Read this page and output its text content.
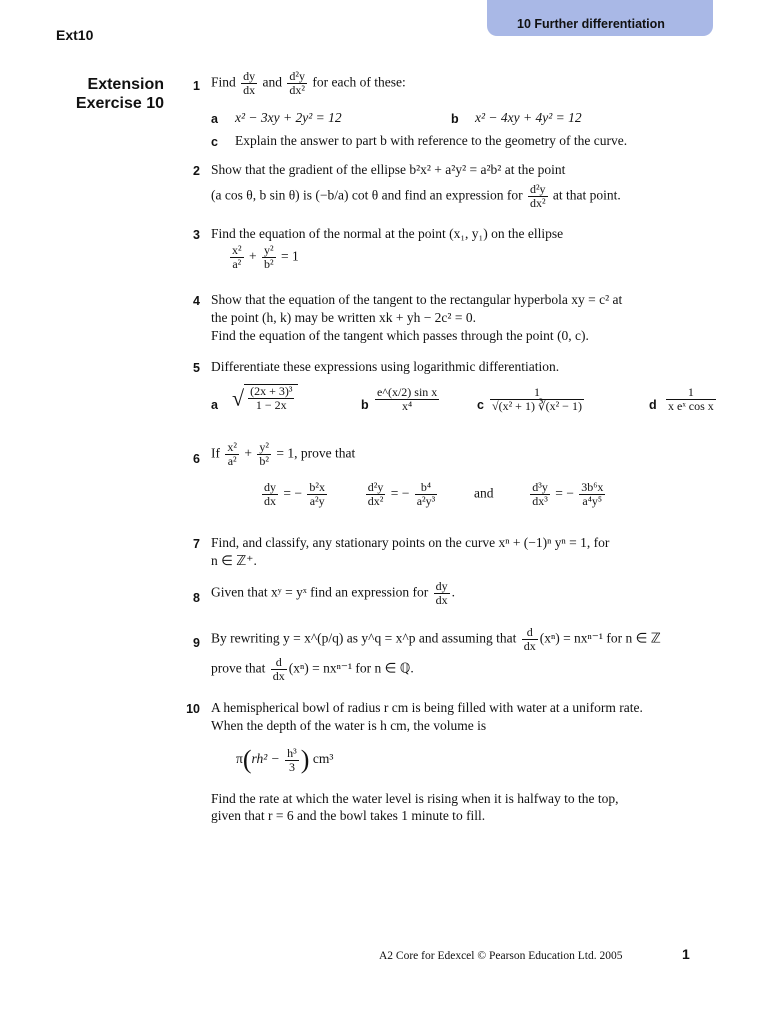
10 Further differentiation
Ext10
Extension
Exercise 10
1 Find $\frac{dy}{dx}$ and $\frac{\text{d²y}}{\text{dx²}}$ for each of these:
a x² − 3xy + 2y² = 12	b x² − 4xy + 4y² = 12
c Explain the answer to part b with reference to the geometry of the curve.
2 Show that the gradient of the ellipse b²x² + a²y² = a²b² at the point
(a cos θ, b sin θ) is (−b/a) cot θ and find an expression for $\frac{\text{d²y}}{\text{dx²}}$ at that point.
3 Find the equation of the normal at the point (x₁, y₁) on the ellipse
$\frac{\text{x²}}{\text{a²}} + \frac{\text{y²}}{\text{b²}} = 1$
4 Show that the equation of the tangent to the rectangular hyperbola xy = c² at
the point (h, k) may be written xk + yh − 2c² = 0.
Find the equation of the tangent which passes through the point (0, c).
5 Differentiate these expressions using logarithmic differentiation.
a √ $\frac{\text{(2x + 3)³}}{1 - 2x}$	b $\frac{\text{e\textasciicircum{}(x/2) sin x}}{\text{x⁴}}$	c $\frac{1}{\text{√(x² + 1) ∛(x² − 1)}}$	d $\frac{1}{\text{x eˣ cos x}}$
6 If $\frac{\text{x²}}{\text{a²}} + \frac{\text{y²}}{\text{b²}} = 1$, prove that
$\frac{dy}{dx}$ = − $\frac{\text{b²x}}{\text{a²y}}$
	$\frac{\text{d²y}}{\text{dx²}}$ = − $\frac{\text{b⁴}}{\text{a²y³}}$	and	$\frac{\text{d³y}}{\text{dx³}}$ = − $\frac{\text{3b⁶x}}{\text{a⁴y⁵}}$
7 Find, and classify, any stationary points on the curve xⁿ + (−1)ⁿ yⁿ = 1, for
n ∈ ℤ⁺.
8 Given that xʸ = yˣ find an expression for $\frac{dy}{dx}$ .
9 By rewriting y = x^(p/q) as y^q = x^p and assuming that $\frac{d}{dx} (x^n) = nx^{n-1}$ for n ∈ ℤ
prove that $\frac{d}{dx} (x^n) = nx^{n-1}$ for n ∈ ℚ.
10 A hemispherical bowl of radius r cm is being filled with water at a uniform rate.
When the depth of the water is h cm, the volume is
$\pi(rh^2 - \frac{\text{h³}}{3}$ ) cm³
Find the rate at which the water level is rising when it is halfway to the top,
given that r = 6 and the bowl takes 1 minute to fill.
A2 Core for Edexcel © Pearson Education Ltd. 2005	1
